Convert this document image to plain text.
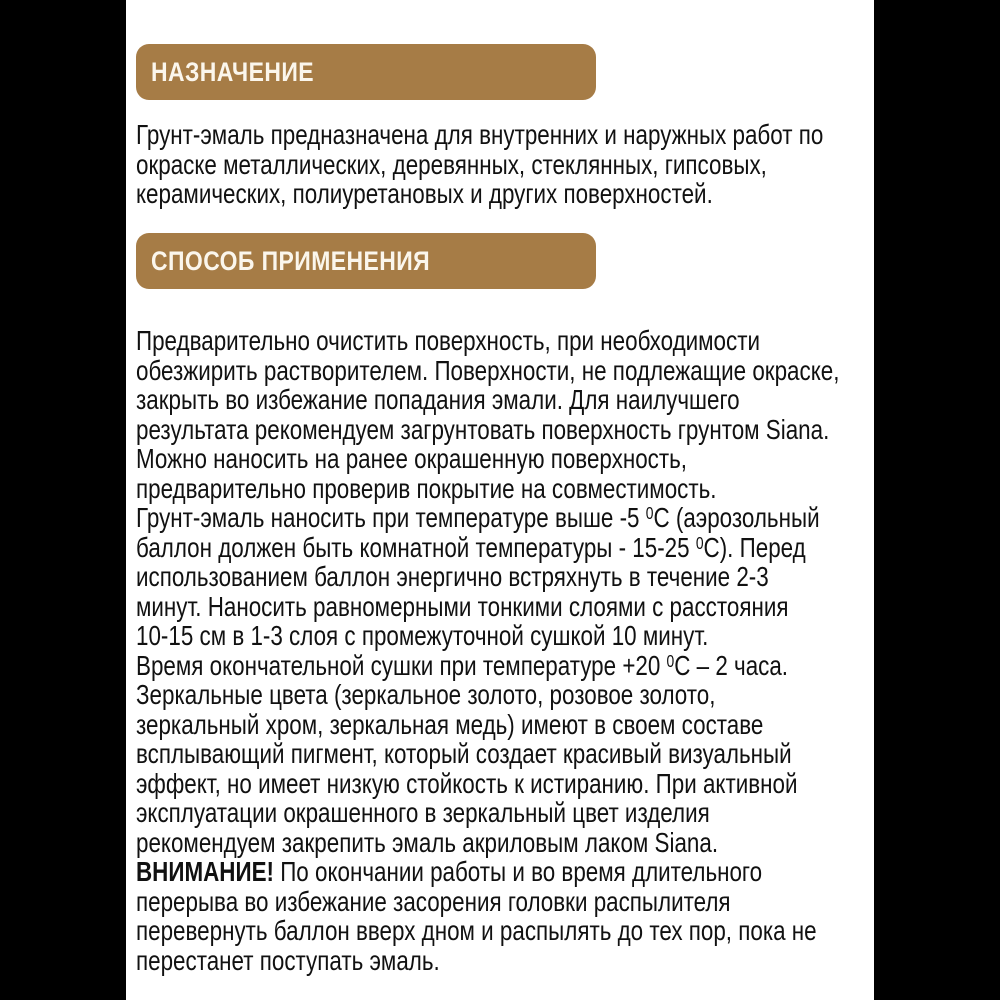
НАЗНАЧЕНИЕ
Грунт-эмаль предназначена для внутренних и наружных работ по
окраске металлических, деревянных, стеклянных, гипсовых,
керамических, полиуретановых и других поверхностей.
СПОСОБ ПРИМЕНЕНИЯ
Предварительно очистить поверхность, при необходимости
обезжирить растворителем. Поверхности, не подлежащие окраске,
закрыть во избежание попадания эмали. Для наилучшего
результата рекомендуем загрунтовать поверхность грунтом Siana.
Можно наносить на ранее окрашенную поверхность,
предварительно проверив покрытие на совместимость.
Грунт-эмаль наносить при температуре выше -5 $^0$С (аэрозольный
баллон должен быть комнатной температуры - 15-25 $^0$С). Перед
использованием баллон энергично встряхнуть в течение 2-3
минут. Наносить равномерными тонкими слоями с расстояния
10-15 см в 1-3 слоя с промежуточной сушкой 10 минут.
Время окончательной сушки при температуре +20 $^0$С – 2 часа.
Зеркальные цвета (зеркальное золото, розовое золото,
зеркальный хром, зеркальная медь) имеют в своем составе
всплывающий пигмент, который создает красивый визуальный
эффект, но имеет низкую стойкость к истиранию. При активной
эксплуатации окрашенного в зеркальный цвет изделия
рекомендуем закрепить эмаль акриловым лаком Siana.
ВНИМАНИЕ! По окончании работы и во время длительного
перерыва во избежание засорения головки распылителя
перевернуть баллон вверх дном и распылять до тех пор, пока не
перестанет поступать эмаль.
